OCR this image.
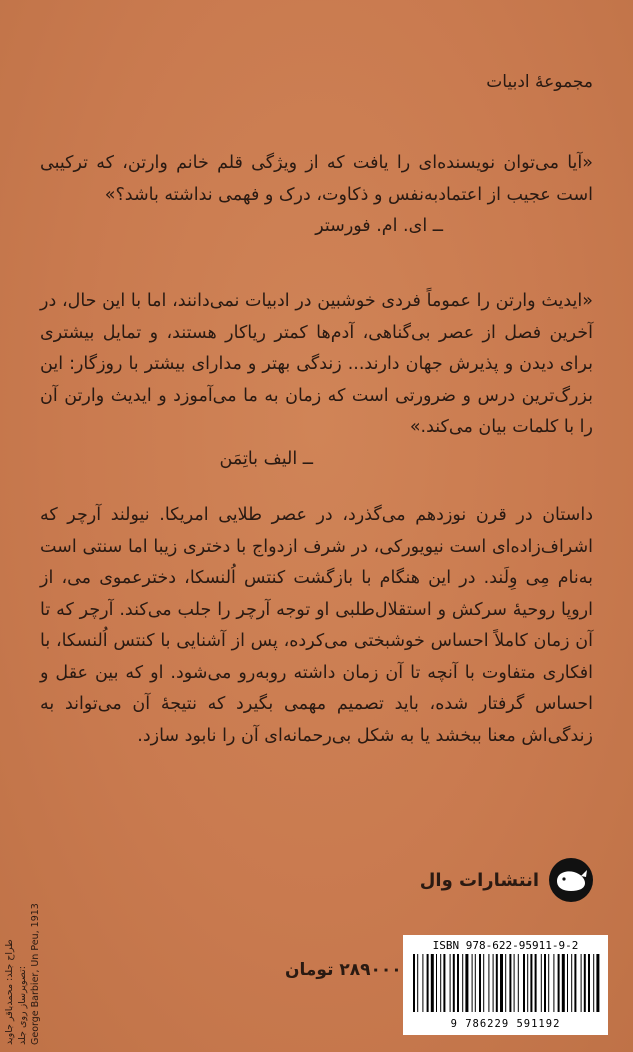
مجموعهٔ ادبیات
«آیا می‌توان نویسنده‌ای را یافت که از ویژگی قلم خانم وارتن، که ترکیبی است عجیب از اعتماد‌به‌نفس و ذکاوت، درک و فهمی نداشته باشد؟»
ــ ای. ام. فورستر
«ایدیث وارتن را عموماً فردی خوشبین در ادبیات نمی‌دانند، اما با این حال، در آخرین فصل از عصر بی‌گناهی، آدم‌ها کمتر ریاکار هستند، و تمایل بیشتری برای دیدن و پذیرش جهان دارند... زندگی بهتر و مدارای بیشتر با روزگار: این بزرگ‌ترین درس و ضرورتی است که زمان به ما می‌آموزد و ایدیث وارتن آن را با کلمات بیان می‌کند.»
ــ الیف باتِمَن
داستان در قرن نوزدهم می‌گذرد، در عصر طلایی امریکا. نیولند آرچر که اشراف‌زاده‌ای است نیویورکی، در شرف ازدواج با دختری زیبا اما سنتی است به‌نام مِی وِلَند. در این هنگام با بازگشت کنتس اُلنسکا، دخترعموی می، از اروپا روحیهٔ سرکش و استقلال‌طلبی او توجه آرچر را جلب می‌کند. آرچر که تا آن زمان کاملاً احساس خوشبختی می‌کرده، پس از آشنایی با کنتس اُلنسکا، با افکاری متفاوت با آنچه تا آن زمان داشته روبه‌رو می‌شود. او که بین عقل و احساس گرفتار شده، باید تصمیم مهمی بگیرد که نتیجهٔ آن می‌تواند به زندگی‌اش معنا ببخشد یا به شکل بی‌رحمانه‌ای آن را نابود سازد.
انتشارات وال
۲۸۹۰۰۰ تومان
ISBN 978-622-95911-9-2
9 786229 591192
طراح جلد: محمدباقر جاوید تصویرساز روی جلد: George Barbier, Un Peu, 1913
